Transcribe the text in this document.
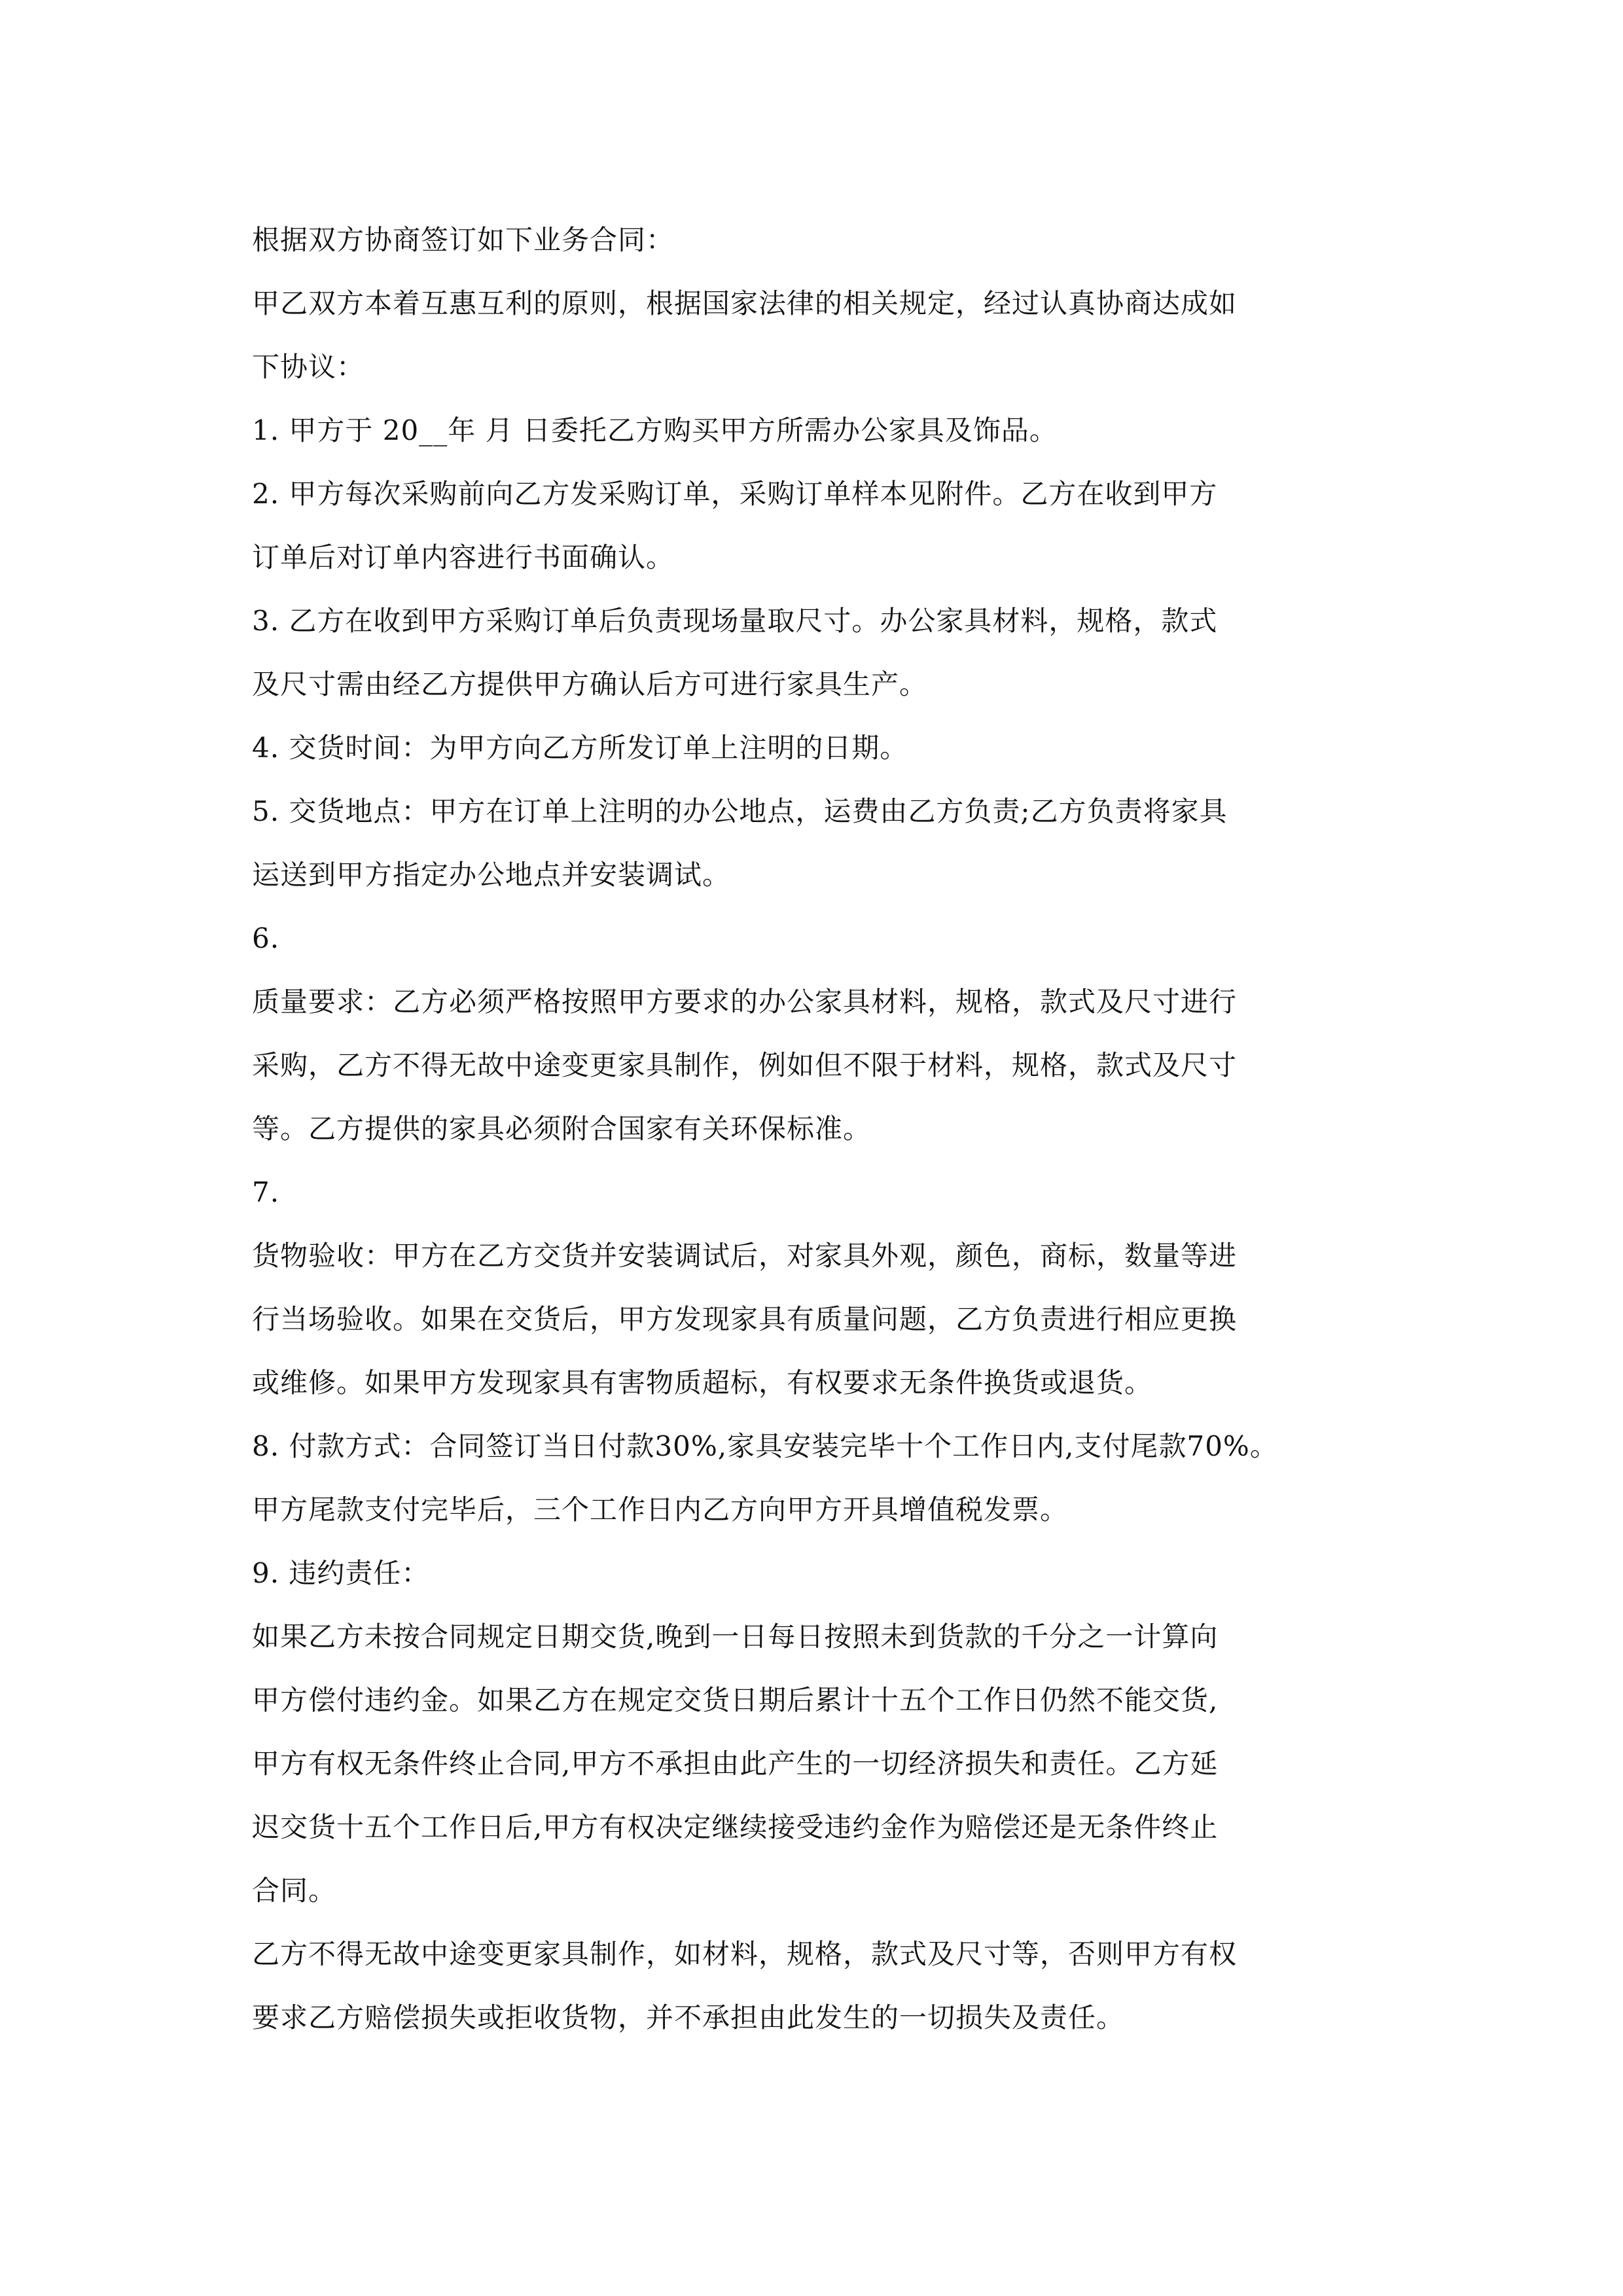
根据双方协商签订如下业务合同：
甲乙双方本着互惠互利的原则，根据国家法律的相关规定，经过认真协商达成如
下协议：
1. 甲方于 20__年 月 日委托乙方购买甲方所需办公家具及饰品。
2. 甲方每次采购前向乙方发采购订单，采购订单样本见附件。乙方在收到甲方
订单后对订单内容进行书面确认。
3. 乙方在收到甲方采购订单后负责现场量取尺寸。办公家具材料，规格，款式
及尺寸需由经乙方提供甲方确认后方可进行家具生产。
4. 交货时间：为甲方向乙方所发订单上注明的日期。
5. 交货地点：甲方在订单上注明的办公地点，运费由乙方负责;乙方负责将家具
运送到甲方指定办公地点并安装调试。
6.
质量要求：乙方必须严格按照甲方要求的办公家具材料，规格，款式及尺寸进行
采购，乙方不得无故中途变更家具制作，例如但不限于材料，规格，款式及尺寸
等。乙方提供的家具必须附合国家有关环保标准。
7.
货物验收：甲方在乙方交货并安装调试后，对家具外观，颜色，商标，数量等进
行当场验收。如果在交货后，甲方发现家具有质量问题，乙方负责进行相应更换
或维修。如果甲方发现家具有害物质超标，有权要求无条件换货或退货。
8. 付款方式：合同签订当日付款30%,家具安装完毕十个工作日内,支付尾款70%。
甲方尾款支付完毕后，三个工作日内乙方向甲方开具增值税发票。
9. 违约责任：
如果乙方未按合同规定日期交货,晚到一日每日按照未到货款的千分之一计算向
甲方偿付违约金。如果乙方在规定交货日期后累计十五个工作日仍然不能交货,
甲方有权无条件终止合同,甲方不承担由此产生的一切经济损失和责任。乙方延
迟交货十五个工作日后,甲方有权决定继续接受违约金作为赔偿还是无条件终止
合同。
乙方不得无故中途变更家具制作，如材料，规格，款式及尺寸等，否则甲方有权
要求乙方赔偿损失或拒收货物，并不承担由此发生的一切损失及责任。
